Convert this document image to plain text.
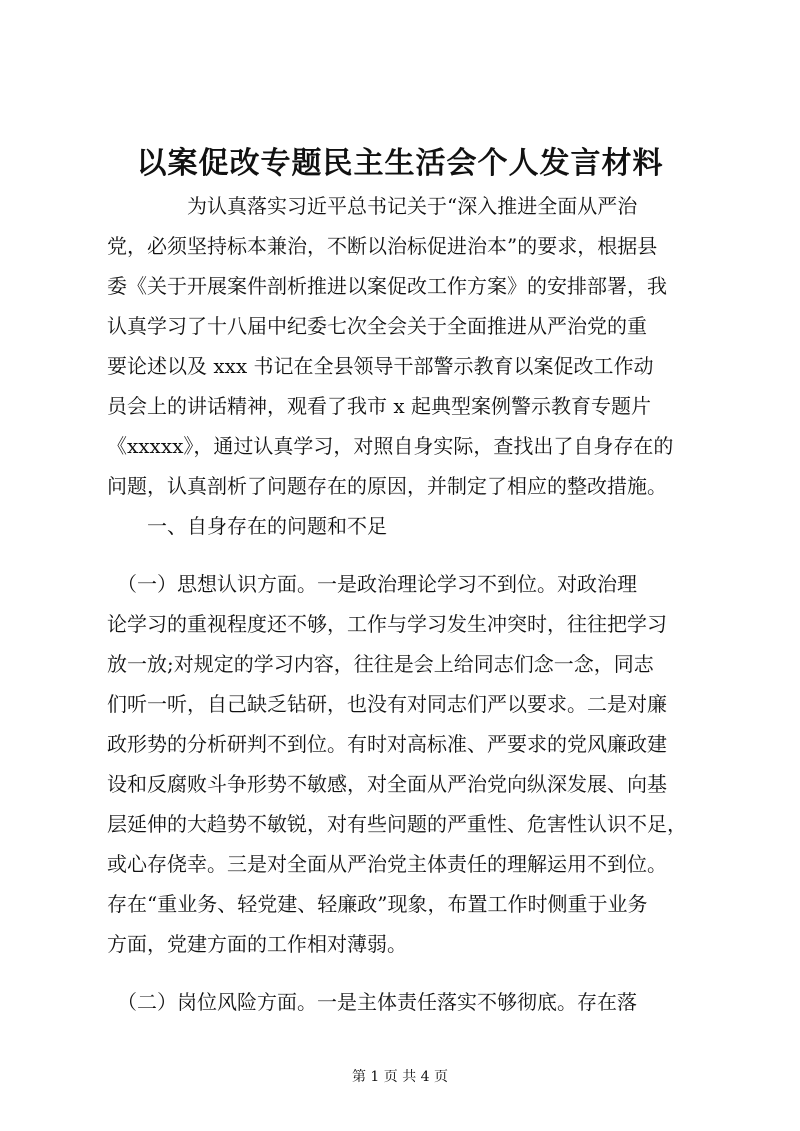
以案促改专题民主生活会个人发言材料
　　　　为认真落实习近平总书记关于“深入推进全面从严治
党，必须坚持标本兼治，不断以治标促进治本”的要求，根据县
委《关于开展案件剖析推进以案促改工作方案》的安排部署，我
认真学习了十八届中纪委七次全会关于全面推进从严治党的重
要论述以及 xxx 书记在全县领导干部警示教育以案促改工作动
员会上的讲话精神，观看了我市 x 起典型案例警示教育专题片
《xxxxx》，通过认真学习，对照自身实际，查找出了自身存在的
问题，认真剖析了问题存在的原因，并制定了相应的整改措施。
　　一、自身存在的问题和不足
　（一）思想认识方面。一是政治理论学习不到位。对政治理
论学习的重视程度还不够，工作与学习发生冲突时，往往把学习
放一放;对规定的学习内容，往往是会上给同志们念一念，同志
们听一听，自己缺乏钻研，也没有对同志们严以要求。二是对廉
政形势的分析研判不到位。有时对高标准、严要求的党风廉政建
设和反腐败斗争形势不敏感，对全面从严治党向纵深发展、向基
层延伸的大趋势不敏锐，对有些问题的严重性、危害性认识不足，
或心存侥幸。三是对全面从严治党主体责任的理解运用不到位。
存在“重业务、轻党建、轻廉政”现象，布置工作时侧重于业务
方面，党建方面的工作相对薄弱。
　（二）岗位风险方面。一是主体责任落实不够彻底。存在落
第 1 页 共 4 页
